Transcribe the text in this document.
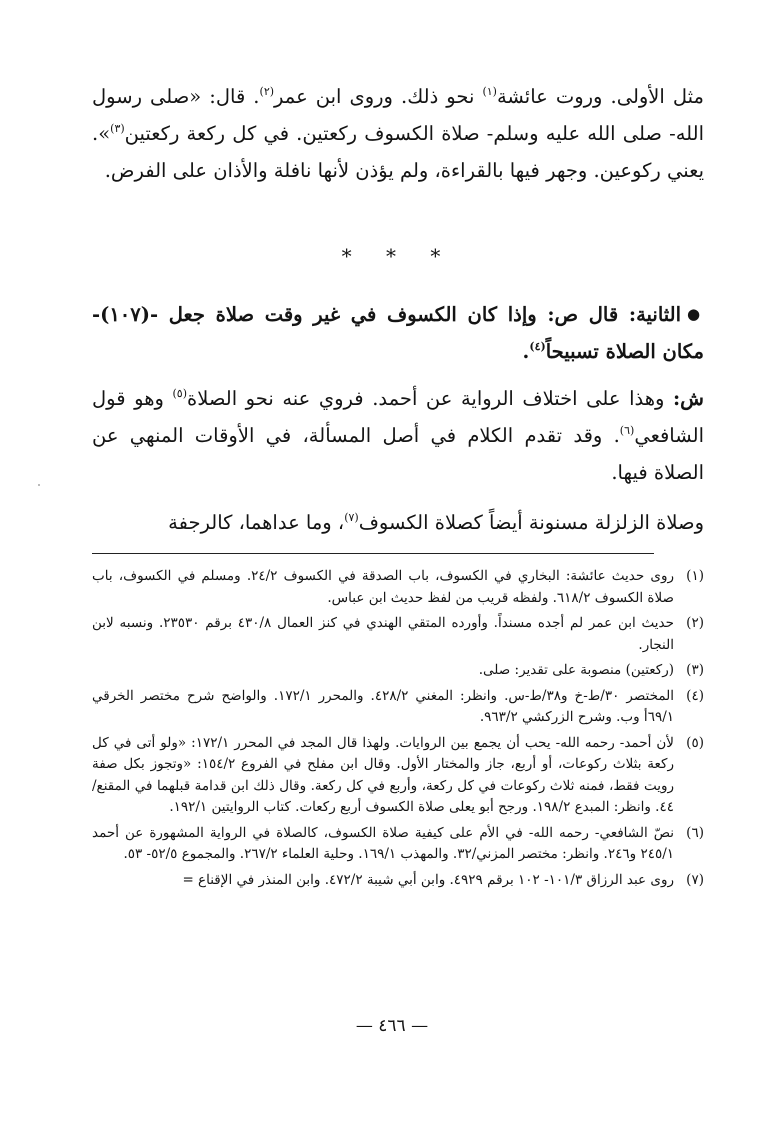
مثل الأولى. وروت عائشة$^{(١)}$ نحو ذلك. وروى ابن عمر$^{(٢)}$. قال: «صلى رسول الله- صلى الله عليه وسلم- صلاة الكسوف ركعتين. في كل ركعة ركعتين$^{(٣)}$». يعني ركوعين. وجهر فيها بالقراءة، ولم يؤذن لأنها نافلة والأذان على الفرض.

* * *

●الثانية: قال ص: وإذا كان الكسوف في غير وقت صلاة جعل -(١٠٧)- مكان الصلاة تسبيحاً$^{(٤)}$.

ش: وهذا على اختلاف الرواية عن أحمد. فروي عنه نحو الصلاة$^{(٥)}$ وهو قول الشافعي$^{(٦)}$. وقد تقدم الكلام في أصل المسألة، في الأوقات المنهي عن الصلاة فيها.

وصلاة الزلزلة مسنونة أيضاً كصلاة الكسوف$^{(٧)}$، وما عداهما، كالرجفة

(١)
روى حديث عائشة: البخاري في الكسوف، باب الصدقة في الكسوف ٢٤/٢. ومسلم في الكسوف، باب صلاة الكسوف ٦١٨/٢. ولفظه قريب من لفظ حديث ابن عباس.
(٢)
حديث ابن عمر لم أجده مسنداً. وأورده المتقي الهندي في كنز العمال ٤٣٠/٨ برقم ٢٣٥٣٠. ونسبه لابن النجار.
(٣)
(ركعتين) منصوبة على تقدير: صلى.
(٤)
المختصر ٣٠/ط-خ و٣٨/ط-س. وانظر: المغني ٤٢٨/٢. والمحرر ١٧٢/١. والواضح شرح مختصر الخرقي ٦٩/١أ وب. وشرح الزركشي ٩٦٣/٢.
(٥)
لأن أحمد- رحمه الله- يحب أن يجمع بين الروايات. ولهذا قال المجد في المحرر ١٧٢/١: «ولو أتى في كل ركعة بثلاث ركوعات، أو أربع، جاز والمختار الأول. وقال ابن مفلح في الفروع ١٥٤/٢: «وتجوز بكل صفة رويت فقط، فمنه ثلاث ركوعات في كل ركعة، وأربع في كل ركعة. وقال ذلك ابن قدامة قبلهما في المقنع/٤٤. وانظر: المبدع ١٩٨/٢. ورجح أبو يعلى صلاة الكسوف أربع ركعات. كتاب الروايتين ١٩٢/١.
(٦)
نصّ الشافعي- رحمه الله- في الأم على كيفية صلاة الكسوف، كالصلاة في الرواية المشهورة عن أحمد ٢٤٥/١ و٢٤٦. وانظر: مختصر المزني/٣٢. والمهذب ١٦٩/١. وحلية العلماء ٢٦٧/٢. والمجموع ٥٢/٥- ٥٣.
(٧)
روى عبد الرزاق ١٠١/٣- ١٠٢ برقم ٤٩٢٩. وابن أبي شيبة ٤٧٢/٢. وابن المنذر في الإقناع =
— ٤٦٦ —
